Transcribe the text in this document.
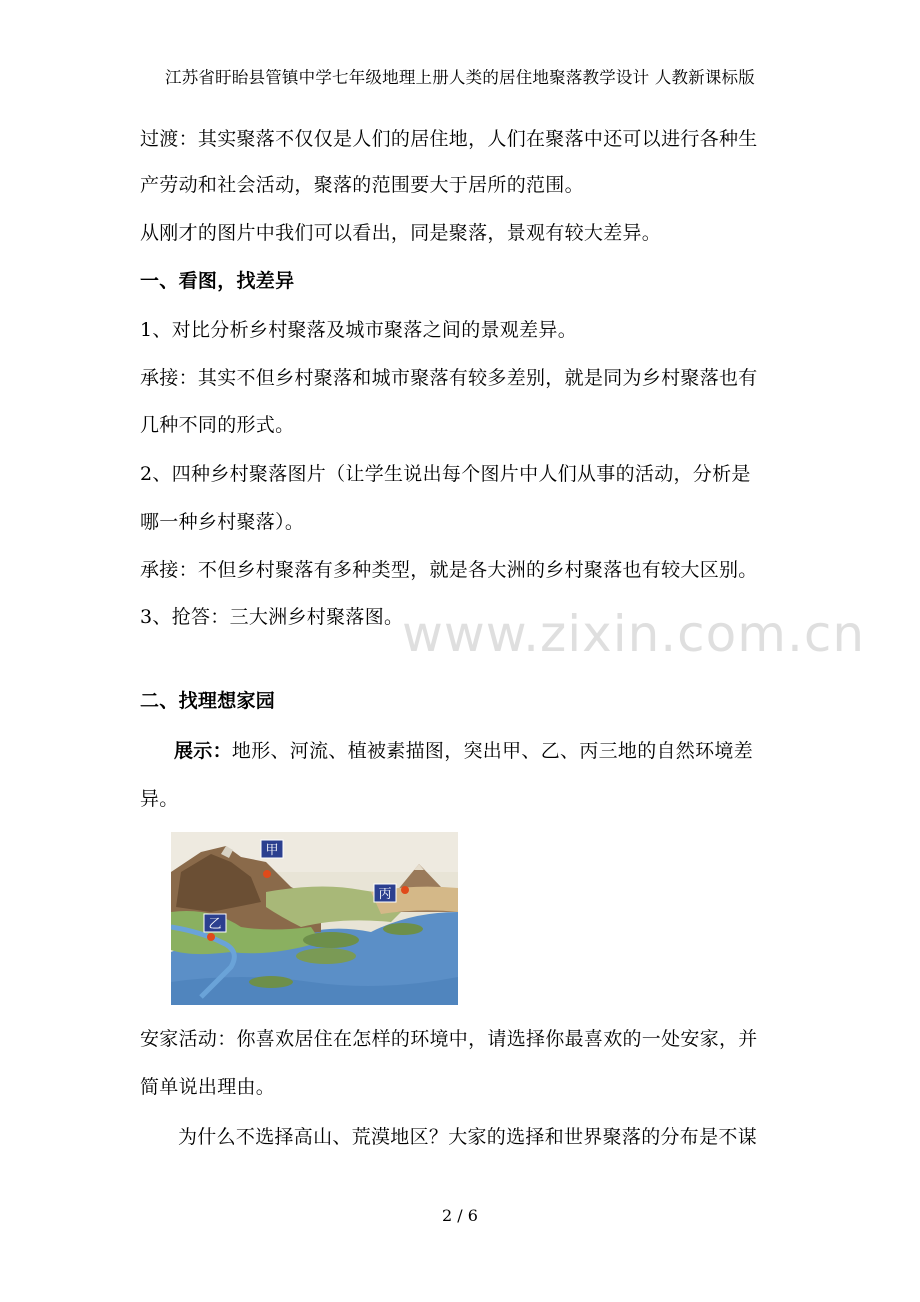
江苏省盱眙县管镇中学七年级地理上册人类的居住地聚落教学设计 人教新课标版
过渡：其实聚落不仅仅是人们的居住地，人们在聚落中还可以进行各种生
产劳动和社会活动，聚落的范围要大于居所的范围。
从刚才的图片中我们可以看出，同是聚落，景观有较大差异。
一、看图，找差异
1、对比分析乡村聚落及城市聚落之间的景观差异。
承接：其实不但乡村聚落和城市聚落有较多差别，就是同为乡村聚落也有
几种不同的形式。
2、四种乡村聚落图片（让学生说出每个图片中人们从事的活动，分析是
哪一种乡村聚落）。
承接：不但乡村聚落有多种类型，就是各大洲的乡村聚落也有较大区别。
3、抢答：三大洲乡村聚落图。
二、找理想家园
展示：地形、河流、植被素描图，突出甲、乙、丙三地的自然环境差
异。
甲
乙
丙
安家活动：你喜欢居住在怎样的环境中，请选择你最喜欢的一处安家，并
简单说出理由。
为什么不选择高山、荒漠地区？大家的选择和世界聚落的分布是不谋
www.zixin.com.cn
2 / 6
